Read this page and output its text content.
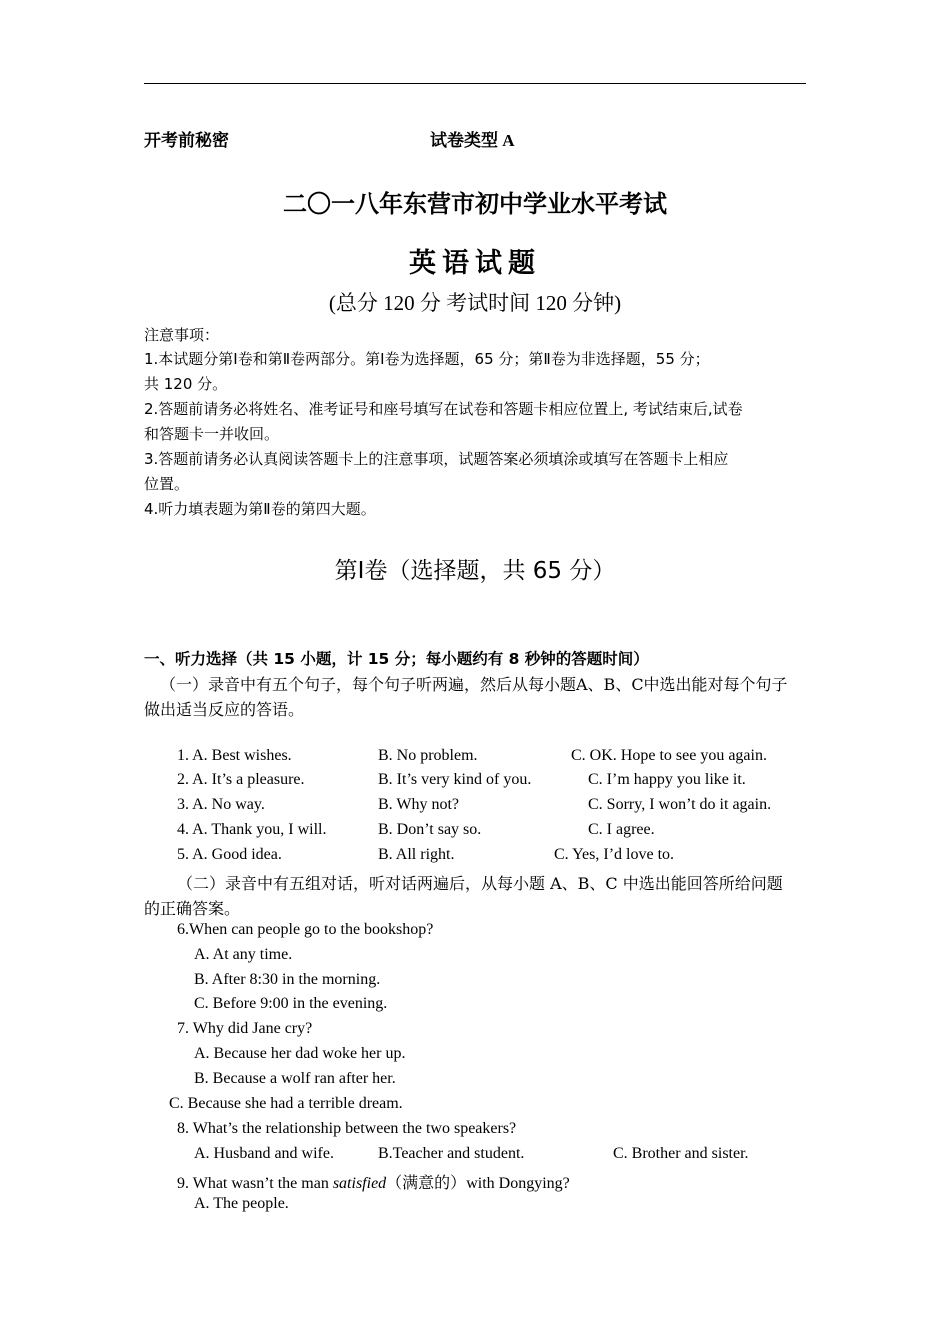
开考前秘密	试卷类型 A
二〇一八年东营市初中学业水平考试
英语试题
(总分 120 分 考试时间 120 分钟)
注意事项：
1.本试题分第Ⅰ卷和第Ⅱ卷两部分。第Ⅰ卷为选择题，65 分；第Ⅱ卷为非选择题，55 分；
共 120 分。
2.答题前请务必将姓名、准考证号和座号填写在试卷和答题卡相应位置上, 考试结束后,试卷
和答题卡一并收回。
3.答题前请务必认真阅读答题卡上的注意事项，试题答案必须填涂或填写在答题卡上相应
位置。
4.听力填表题为第Ⅱ卷的第四大题。
第Ⅰ卷（选择题，共 65 分）
一、听力选择（共 15 小题，计 15 分；每小题约有 8 秒钟的答题时间）
（一）录音中有五个句子，每个句子听两遍，然后从每小题A、B、C中选出能对每个句子
做出适当反应的答语。
1. A. Best wishes.	B. No problem.	C. OK. Hope to see you again.
2. A. It’s a pleasure.	B. It’s very kind of you.	C. I’m happy you like it.
3. A. No way.	B. Why not?	C. Sorry, I won’t do it again.
4. A. Thank you, I will.	B. Don’t say so.	C. I agree.
5. A. Good idea.	B. All right.	C. Yes, I’d love to.
（二）录音中有五组对话，听对话两遍后，从每小题 A、B、C 中选出能回答所给问题
的正确答案。
6.When can people go to the bookshop?
A. At any time.
B. After 8:30 in the morning.
C. Before 9:00 in the evening.
7. Why did Jane cry?
A. Because her dad woke her up.
B. Because a wolf ran after her.
C. Because she had a terrible dream.
8. What’s the relationship between the two speakers?
A. Husband and wife.	B.Teacher and student.	C. Brother and sister.
9. What wasn’t the man satisfied（满意的）with Dongying?
A. The people.
